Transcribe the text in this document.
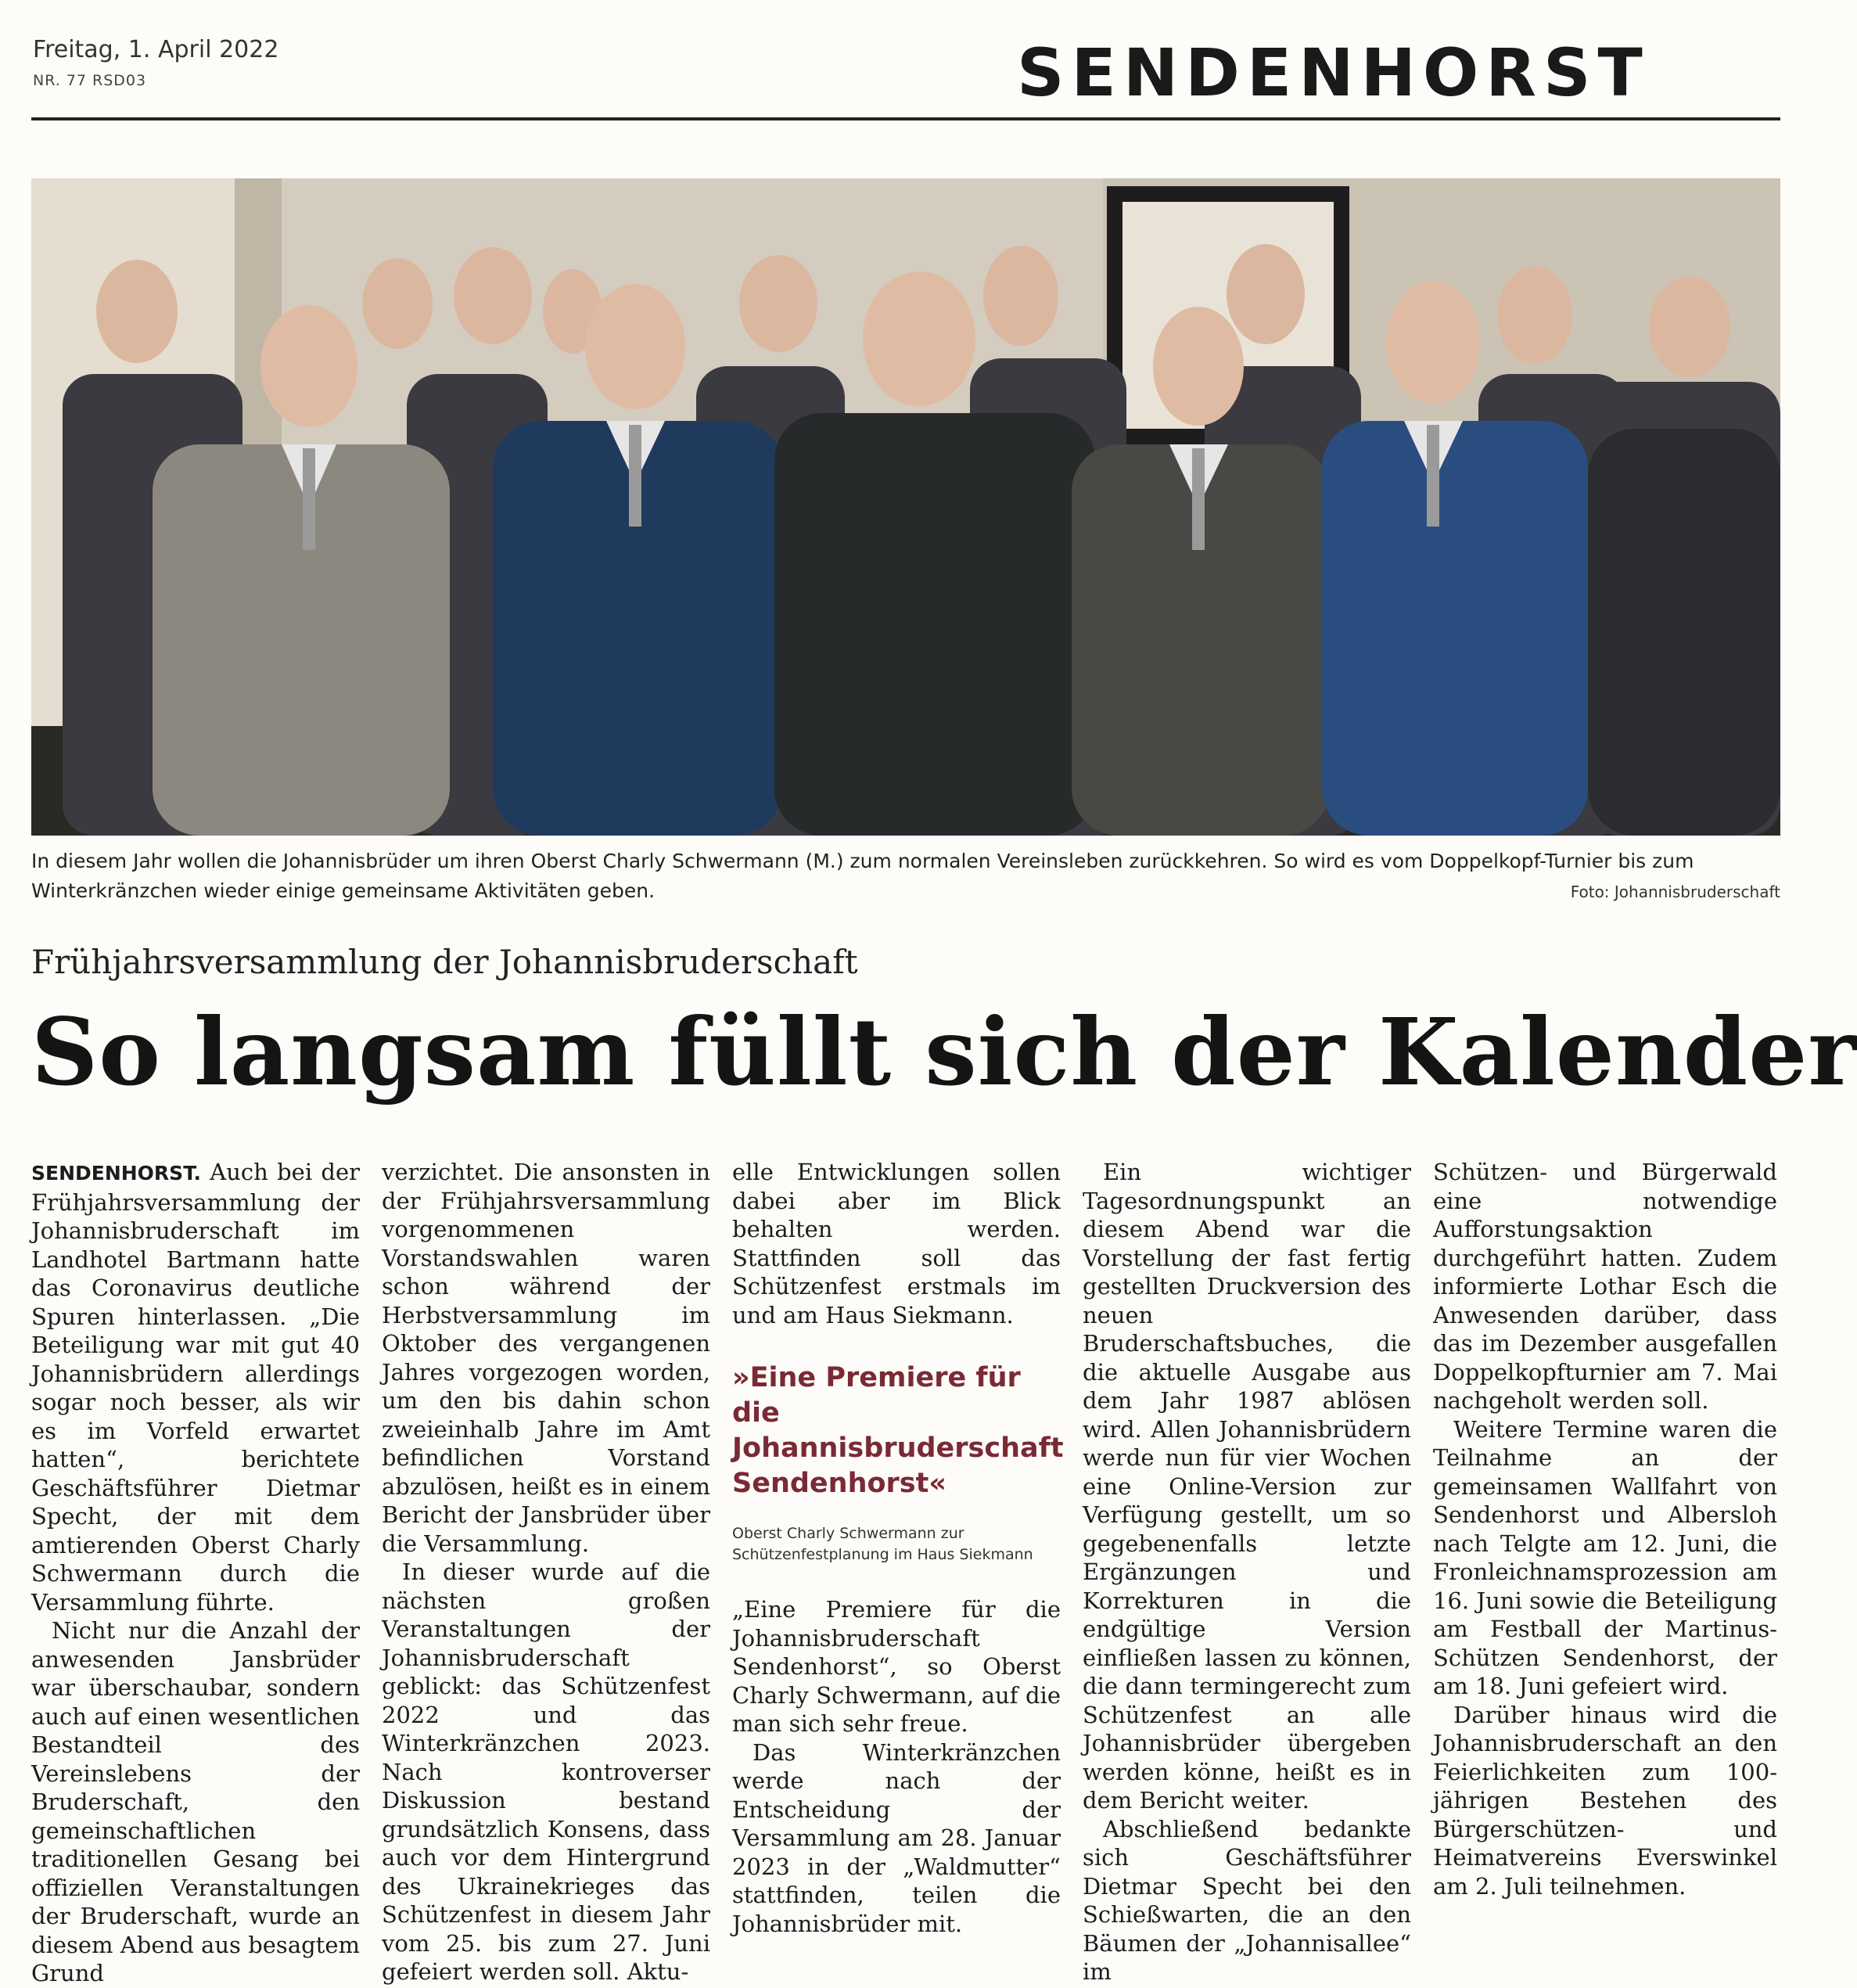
Freitag, 1. April 2022
NR. 77 RSD03	SENDENHORST
In diesem Jahr wollen die Johannisbrüder um ihren Oberst Charly Schwermann (M.) zum normalen Vereinsleben zurückkehren. So wird es vom Doppelkopf-Turnier bis zum Winterkränzchen wieder einige gemeinsame Aktivitäten geben.	Foto: Johannisbruderschaft
Frühjahrsversammlung der Johannisbruderschaft
So langsam füllt sich der Kalender

SENDENHORST. Auch bei der Frühjahrsversammlung der Johannisbruderschaft im Landhotel Bartmann hatte das Coronavirus deutliche Spuren hinterlassen. „Die Beteiligung war mit gut 40 Johannisbrüdern allerdings sogar noch besser, als wir es im Vorfeld erwartet hatten“, berichtete Geschäftsführer Dietmar Specht, der mit dem amtierenden Oberst Charly Schwermann durch die Versammlung führte.

Nicht nur die Anzahl der anwesenden Jansbrüder war überschaubar, sondern auch auf einen wesentlichen Bestandteil des Vereinslebens der Bruderschaft, den gemeinschaftlichen traditionellen Gesang bei offiziellen Veranstaltungen der Bruderschaft, wurde an diesem Abend aus besagtem Grund

verzichtet. Die ansonsten in der Frühjahrsversammlung vorgenommenen Vorstandswahlen waren schon während der Herbstversammlung im Oktober des vergangenen Jahres vorgezogen worden, um den bis dahin schon zweieinhalb Jahre im Amt befindlichen Vorstand abzulösen, heißt es in einem Bericht der Jansbrüder über die Versammlung.

In dieser wurde auf die nächsten großen Veranstaltungen der Johannisbruderschaft geblickt: das Schützenfest 2022 und das Winterkränzchen 2023. Nach kontroverser Diskussion bestand grundsätzlich Konsens, dass auch vor dem Hintergrund des Ukrainekrieges das Schützenfest in diesem Jahr vom 25. bis zum 27. Juni gefeiert werden soll. Aktu-

elle Entwicklungen sollen dabei aber im Blick behalten werden. Stattfinden soll das Schützenfest erstmals im und am Haus Siekmann.

»Eine Premiere für die Johannisbruderschaft Sendenhorst«

Oberst Charly Schwermann zur Schützenfestplanung im Haus Siekmann

„Eine Premiere für die Johannisbruderschaft Sendenhorst“, so Oberst Charly Schwermann, auf die man sich sehr freue.

Das Winterkränzchen werde nach der Entscheidung der Versammlung am 28. Januar 2023 in der „Waldmutter“ stattfinden, teilen die Johannisbrüder mit.

Ein wichtiger Tagesordnungspunkt an diesem Abend war die Vorstellung der fast fertig gestellten Druckversion des neuen Bruderschaftsbuches, die die aktuelle Ausgabe aus dem Jahr 1987 ablösen wird. Allen Johannisbrüdern werde nun für vier Wochen eine Online-Version zur Verfügung gestellt, um so gegebenenfalls letzte Ergänzungen und Korrekturen in die endgültige Version einfließen lassen zu können, die dann termingerecht zum Schützenfest an alle Johannisbrüder übergeben werden könne, heißt es in dem Bericht weiter.

Abschließend bedankte sich Geschäftsführer Dietmar Specht bei den Schießwarten, die an den Bäumen der „Johannisallee“ im

Schützen- und Bürgerwald eine notwendige Aufforstungsaktion durchgeführt hatten. Zudem informierte Lothar Esch die Anwesenden darüber, dass das im Dezember ausgefallen Doppelkopfturnier am 7. Mai nachgeholt werden soll.

Weitere Termine waren die Teilnahme an der gemeinsamen Wallfahrt von Sendenhorst und Albersloh nach Telgte am 12. Juni, die Fronleichnamsprozession am 16. Juni sowie die Beteiligung am Festball der Martinus-Schützen Sendenhorst, der am 18. Juni gefeiert wird.

Darüber hinaus wird die Johannisbruderschaft an den Feierlichkeiten zum 100-jährigen Bestehen des Bürgerschützen- und Heimatvereins Everswinkel am 2. Juli teilnehmen.
